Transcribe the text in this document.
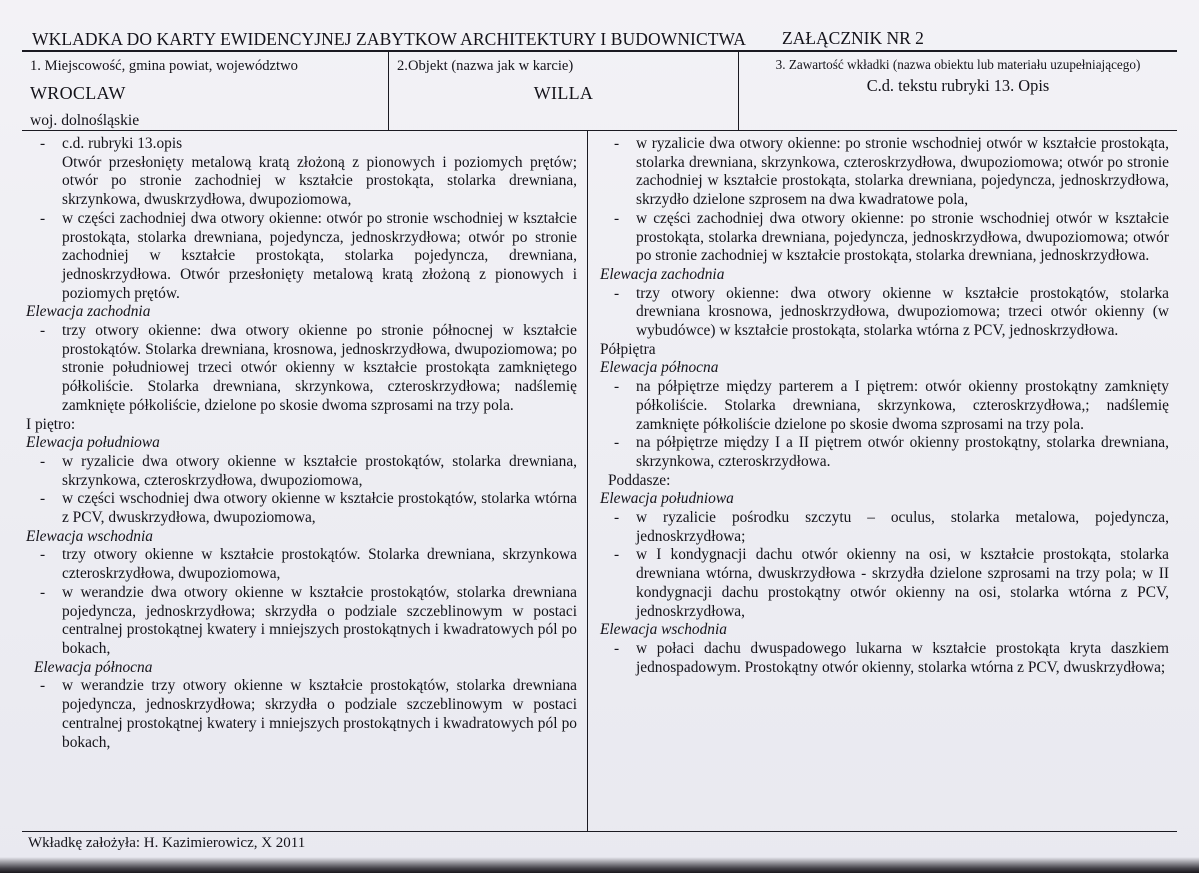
WKLADKA DO KARTY EWIDENCYJNEJ ZABYTKOW ARCHITEKTURY I BUDOWNICTWA ZAŁĄCZNIK NR 2
1. Miejscowość, gmina powiat, województwo
WROCLAW
woj. dolnośląskie
2.Objekt (nazwa jak w karcie)
WILLA
3. Zawartość wkładki (nazwa obiektu lub materiału uzupełniającego)
C.d. tekstu rubryki 13. Opis

- c.d. rubryki 13.opis

Otwór przesłonięty metalową kratą złożoną z pionowych i poziomych prętów; otwór po stronie zachodniej w kształcie prostokąta, stolarka drewniana, skrzynkowa, dwuskrzydłowa, dwupoziomowa,

- w części zachodniej dwa otwory okienne: otwór po stronie wschodniej w kształcie prostokąta, stolarka drewniana, pojedyncza, jednoskrzydłowa; otwór po stronie zachodniej w kształcie prostokąta, stolarka pojedyncza, drewniana, jednoskrzydłowa. Otwór przesłonięty metalową kratą złożoną z pionowych i poziomych prętów.

Elewacja zachodnia

- trzy otwory okienne: dwa otwory okienne po stronie północnej w kształcie prostokątów. Stolarka drewniana, krosnowa, jednoskrzydłowa, dwupoziomowa; po stronie południowej trzeci otwór okienny w kształcie prostokąta zamkniętego półkoliście. Stolarka drewniana, skrzynkowa, czteroskrzydłowa; nadślemię zamknięte półkoliście, dzielone po skosie dwoma szprosami na trzy pola.

I piętro:

Elewacja południowa

- w ryzalicie dwa otwory okienne w kształcie prostokątów, stolarka drewniana, skrzynkowa, czteroskrzydłowa, dwupoziomowa,

- w części wschodniej dwa otwory okienne w kształcie prostokątów, stolarka wtórna z PCV, dwuskrzydłowa, dwupoziomowa,

Elewacja wschodnia

- trzy otwory okienne w kształcie prostokątów. Stolarka drewniana, skrzynkowa czteroskrzydłowa, dwupoziomowa,

- w werandzie dwa otwory okienne w kształcie prostokątów, stolarka drewniana pojedyncza, jednoskrzydłowa; skrzydła o podziale szczeblinowym w postaci centralnej prostokątnej kwatery i mniejszych prostokątnych i kwadratowych pól po bokach,

Elewacja północna

- w werandzie trzy otwory okienne w kształcie prostokątów, stolarka drewniana pojedyncza, jednoskrzydłowa; skrzydła o podziale szczeblinowym w postaci centralnej prostokątnej kwatery i mniejszych prostokątnych i kwadratowych pól po bokach,

- w ryzalicie dwa otwory okienne: po stronie wschodniej otwór w kształcie prostokąta, stolarka drewniana, skrzynkowa, czteroskrzydłowa, dwupoziomowa; otwór po stronie zachodniej w kształcie prostokąta, stolarka drewniana, pojedyncza, jednoskrzydłowa, skrzydło dzielone szprosem na dwa kwadratowe pola,

- w części zachodniej dwa otwory okienne: po stronie wschodniej otwór w kształcie prostokąta, stolarka drewniana, pojedyncza, jednoskrzydłowa, dwupoziomowa; otwór po stronie zachodniej w kształcie prostokąta, stolarka drewniana, jednoskrzydłowa.

Elewacja zachodnia

- trzy otwory okienne: dwa otwory okienne w kształcie prostokątów, stolarka drewniana krosnowa, jednoskrzydłowa, dwupoziomowa; trzeci otwór okienny (w wybudówce) w kształcie prostokąta, stolarka wtórna z PCV, jednoskrzydłowa.

Półpiętra

Elewacja północna

- na półpiętrze między parterem a I piętrem: otwór okienny prostokątny zamknięty półkoliście. Stolarka drewniana, skrzynkowa, czteroskrzydłowa,; nadślemię zamknięte półkoliście dzielone po skosie dwoma szprosami na trzy pola.

- na półpiętrze między I a II piętrem otwór okienny prostokątny, stolarka drewniana, skrzynkowa, czteroskrzydłowa.

Poddasze:

Elewacja południowa

- w ryzalicie pośrodku szczytu – oculus, stolarka metalowa, pojedyncza, jednoskrzydłowa;

- w I kondygnacji dachu otwór okienny na osi, w kształcie prostokąta, stolarka drewniana wtórna, dwuskrzydłowa - skrzydła dzielone szprosami na trzy pola; w II kondygnacji dachu prostokątny otwór okienny na osi, stolarka wtórna z PCV, jednoskrzydłowa,

Elewacja wschodnia

- w połaci dachu dwuspadowego lukarna w kształcie prostokąta kryta daszkiem jednospadowym. Prostokątny otwór okienny, stolarka wtórna z PCV, dwuskrzydłowa;

Wkładkę założyła: H. Kazimierowicz, X 2011
